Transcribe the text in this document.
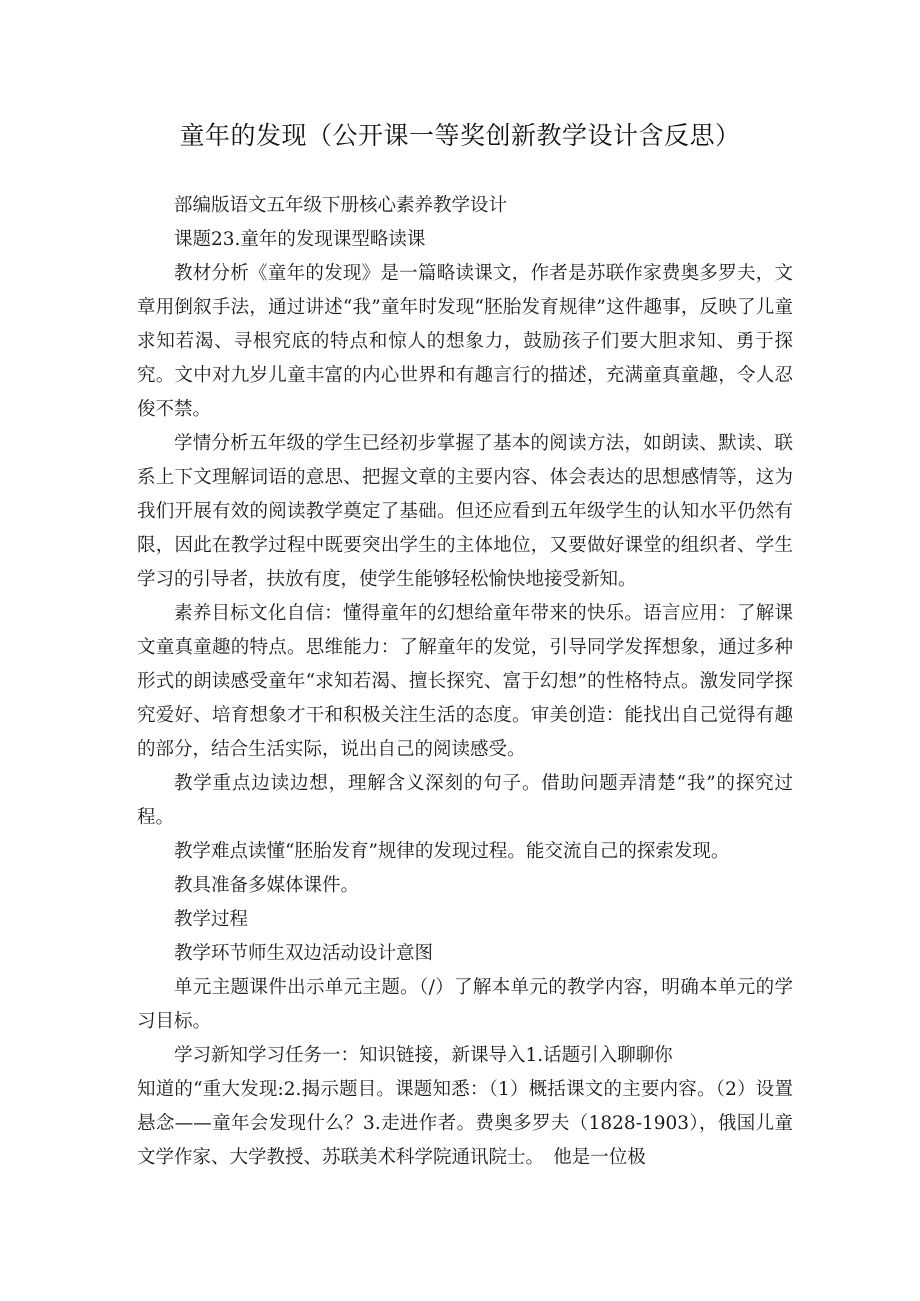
童年的发现（公开课一等奖创新教学设计含反思）

部编版语文五年级下册核心素养教学设计

课题23.童年的发现课型略读课

教材分析《童年的发现》是一篇略读课文，作者是苏联作家费奥多罗夫，文章用倒叙手法，通过讲述“我”童年时发现“胚胎发育规律”这件趣事，反映了儿童求知若渴、寻根究底的特点和惊人的想象力，鼓励孩子们要大胆求知、勇于探究。文中对九岁儿童丰富的内心世界和有趣言行的描述，充满童真童趣，令人忍俊不禁。

学情分析五年级的学生已经初步掌握了基本的阅读方法，如朗读、默读、联系上下文理解词语的意思、把握文章的主要内容、体会表达的思想感情等，这为我们开展有效的阅读教学奠定了基础。但还应看到五年级学生的认知水平仍然有限，因此在教学过程中既要突出学生的主体地位，又要做好课堂的组织者、学生学习的引导者，扶放有度，使学生能够轻松愉快地接受新知。

素养目标文化自信：懂得童年的幻想给童年带来的快乐。语言应用：了解课文童真童趣的特点。思维能力：了解童年的发觉，引导同学发挥想象，通过多种形式的朗读感受童年“求知若渴、擅长探究、富于幻想”的性格特点。激发同学探究爱好、培育想象才干和积极关注生活的态度。审美创造：能找出自己觉得有趣的部分，结合生活实际，说出自己的阅读感受。

教学重点边读边想，理解含义深刻的句子。借助问题弄清楚“我”的探究过程。

教学难点读懂“胚胎发育”规律的发现过程。能交流自己的探索发现。

教具准备多媒体课件。

教学过程

教学环节师生双边活动设计意图

单元主题课件出示单元主题。（/）了解本单元的教学内容，明确本单元的学习目标。

学习新知学习任务一：知识链接，新课导入1.话题引入聊聊你

知道的“重大发现:2.揭示题目。课题知悉：（1）概括课文的主要内容。（2）设置悬念——童年会发现什么？3.走进作者。费奥多罗夫（1828-1903），俄国儿童文学作家、大学教授、苏联美术科学院通讯院士。　他是一位极
